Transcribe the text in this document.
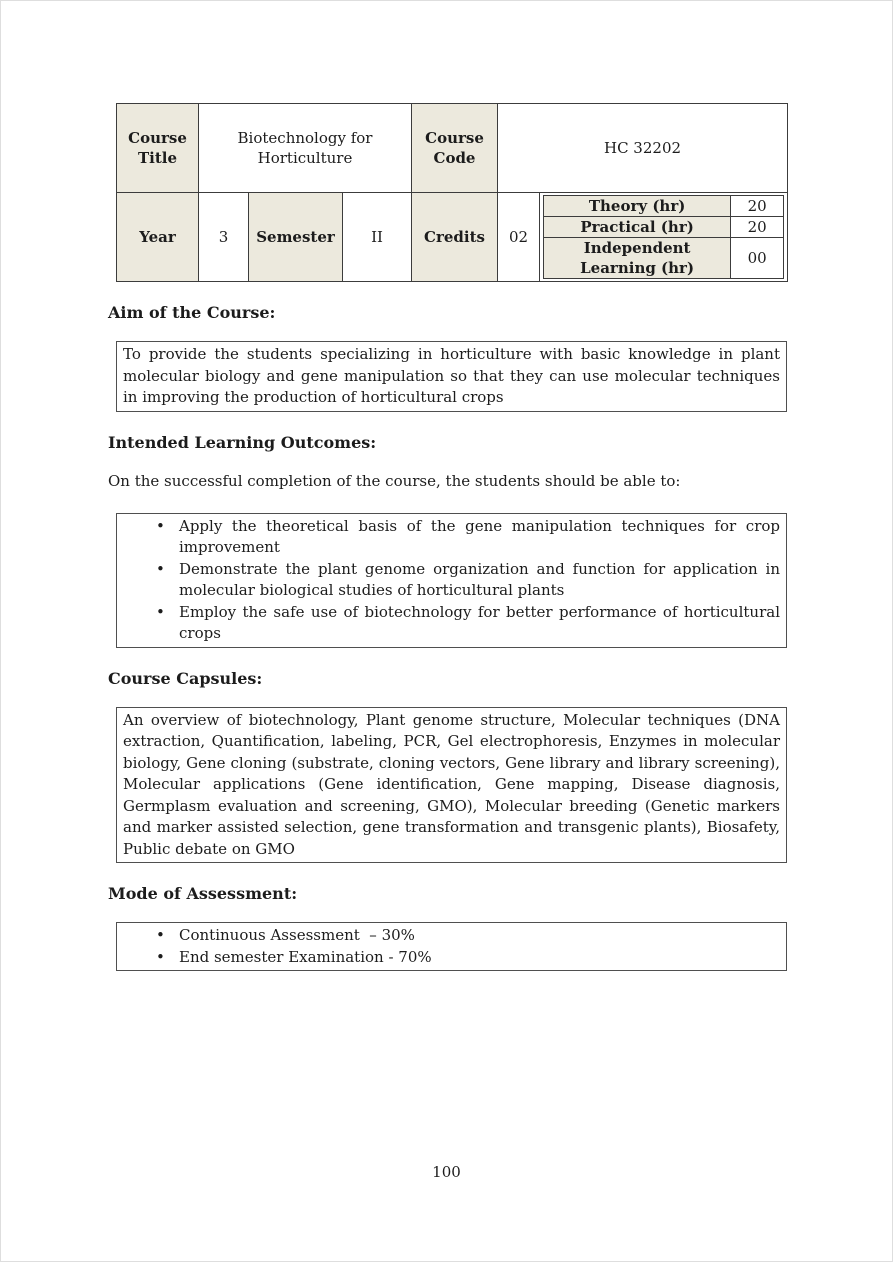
Course Title	Biotechnology for Horticulture	Course Code	HC 32202
Year	3	Semester	II	Credits	02	
Theory (hr)	20
Practical (hr)	20
Independent Learning (hr)	00
Aim of the Course:
To provide the students specializing in horticulture with basic knowledge in plant molecular biology and gene manipulation so that they can use molecular techniques in improving the production of horticultural crops
Intended Learning Outcomes:

On the successful completion of the course, the students should be able to:

• Apply the theoretical basis of the gene manipulation techniques for crop improvement
• Demonstrate the plant genome organization and function for application in molecular biological studies of horticultural plants
• Employ the safe use of biotechnology for better performance of horticultural crops
Course Capsules:
An overview of biotechnology, Plant genome structure, Molecular techniques (DNA extraction, Quantification, labeling, PCR, Gel electrophoresis, Enzymes in molecular biology, Gene cloning (substrate, cloning vectors, Gene library and library screening), Molecular applications (Gene identification, Gene mapping, Disease diagnosis, Germplasm evaluation and screening, GMO), Molecular breeding (Genetic markers and marker assisted selection, gene transformation and transgenic plants), Biosafety, Public debate on GMO
Mode of Assessment:
• Continuous Assessment  – 30%
• End semester Examination - 70%
100
